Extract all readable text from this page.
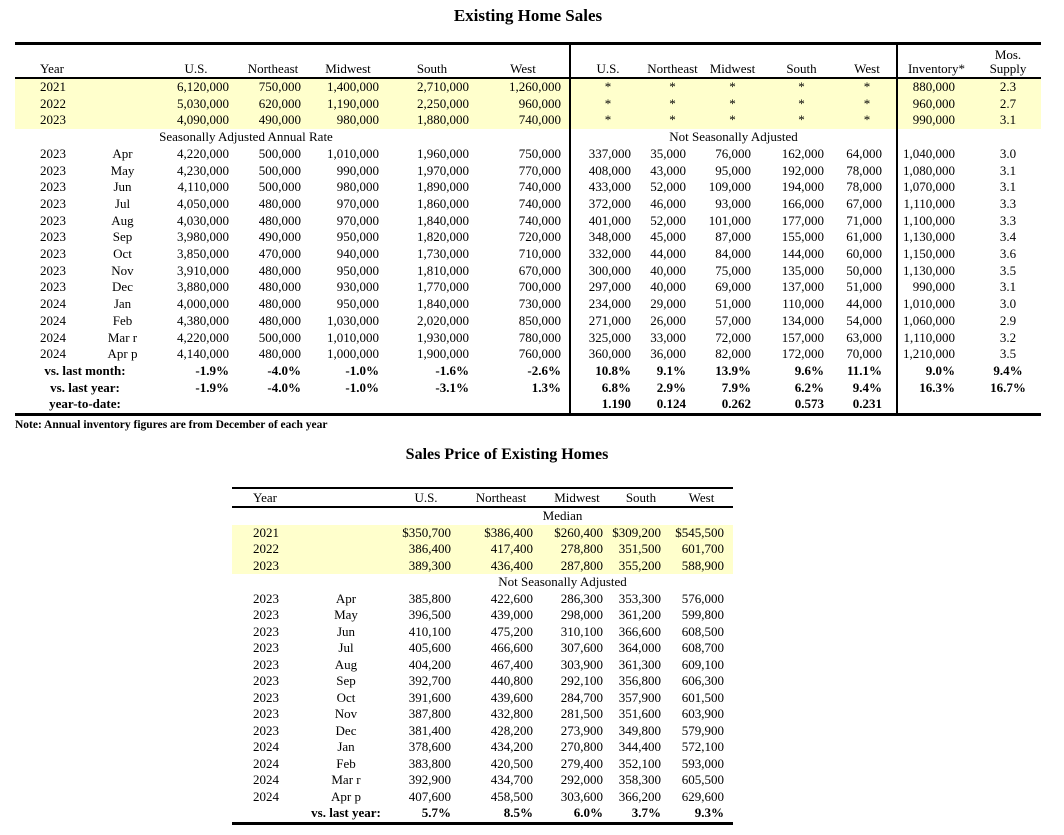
Existing Home Sales
Year		U.S.	Northeast	Midwest	South	West	U.S.	Northeast	Midwest	South	West	Inventory*	Mos.
Supply

2021		6,120,000	750,000	1,400,000	2,710,000	1,260,000	*	*	*	*	*	880,000	2.3
2022		5,030,000	620,000	1,190,000	2,250,000	960,000	*	*	*	*	*	960,000	2.7
2023		4,090,000	490,000	980,000	1,880,000	740,000	*	*	*	*	*	990,000	3.1
Seasonally Adjusted Annual Rate							Not Seasonally Adjusted						
2023	Apr	4,220,000	500,000	1,010,000	1,960,000	750,000	337,000	35,000	76,000	162,000	64,000	1,040,000	3.0
2023	May	4,230,000	500,000	990,000	1,970,000	770,000	408,000	43,000	95,000	192,000	78,000	1,080,000	3.1
2023	Jun	4,110,000	500,000	980,000	1,890,000	740,000	433,000	52,000	109,000	194,000	78,000	1,070,000	3.1
2023	Jul	4,050,000	480,000	970,000	1,860,000	740,000	372,000	46,000	93,000	166,000	67,000	1,110,000	3.3
2023	Aug	4,030,000	480,000	970,000	1,840,000	740,000	401,000	52,000	101,000	177,000	71,000	1,100,000	3.3
2023	Sep	3,980,000	490,000	950,000	1,820,000	720,000	348,000	45,000	87,000	155,000	61,000	1,130,000	3.4
2023	Oct	3,850,000	470,000	940,000	1,730,000	710,000	332,000	44,000	84,000	144,000	60,000	1,150,000	3.6
2023	Nov	3,910,000	480,000	950,000	1,810,000	670,000	300,000	40,000	75,000	135,000	50,000	1,130,000	3.5
2023	Dec	3,880,000	480,000	930,000	1,770,000	700,000	297,000	40,000	69,000	137,000	51,000	990,000	3.1
2024	Jan	4,000,000	480,000	950,000	1,840,000	730,000	234,000	29,000	51,000	110,000	44,000	1,010,000	3.0
2024	Feb	4,380,000	480,000	1,030,000	2,020,000	850,000	271,000	26,000	57,000	134,000	54,000	1,060,000	2.9
2024	Mar r	4,220,000	500,000	1,010,000	1,930,000	780,000	325,000	33,000	72,000	157,000	63,000	1,110,000	3.2
2024	Apr p	4,140,000	480,000	1,000,000	1,900,000	760,000	360,000	36,000	82,000	172,000	70,000	1,210,000	3.5
vs. last month:		-1.9%	-4.0%	-1.0%	-1.6%	-2.6%	10.8%	9.1%	13.9%	9.6%	11.1%	9.0%	9.4%
vs. last year:		-1.9%	-4.0%	-1.0%	-3.1%	1.3%	6.8%	2.9%	7.9%	6.2%	9.4%	16.3%	16.7%
year-to-date:							1.190	0.124	0.262	0.573	0.231		
Note: Annual inventory figures are from December of each year
Sales Price of Existing Homes
Year		U.S.	Northeast	Midwest	South	West
		Median				
2021		$350,700	$386,400	$260,400	$309,200	$545,500
2022		386,400	417,400	278,800	351,500	601,700
2023		389,300	436,400	287,800	355,200	588,900
		Not Seasonally Adjusted				
2023	Apr	385,800	422,600	286,300	353,300	576,000
2023	May	396,500	439,000	298,000	361,200	599,800
2023	Jun	410,100	475,200	310,100	366,600	608,500
2023	Jul	405,600	466,600	307,600	364,000	608,700
2023	Aug	404,200	467,400	303,900	361,300	609,100
2023	Sep	392,700	440,800	292,100	356,800	606,300
2023	Oct	391,600	439,600	284,700	357,900	601,500
2023	Nov	387,800	432,800	281,500	351,600	603,900
2023	Dec	381,400	428,200	273,900	349,800	579,900
2024	Jan	378,600	434,200	270,800	344,400	572,100
2024	Feb	383,800	420,500	279,400	352,100	593,000
2024	Mar r	392,900	434,700	292,000	358,300	605,500
2024	Apr p	407,600	458,500	303,600	366,200	629,600
	vs. last year:	5.7%	8.5%	6.0%	3.7%	9.3%
